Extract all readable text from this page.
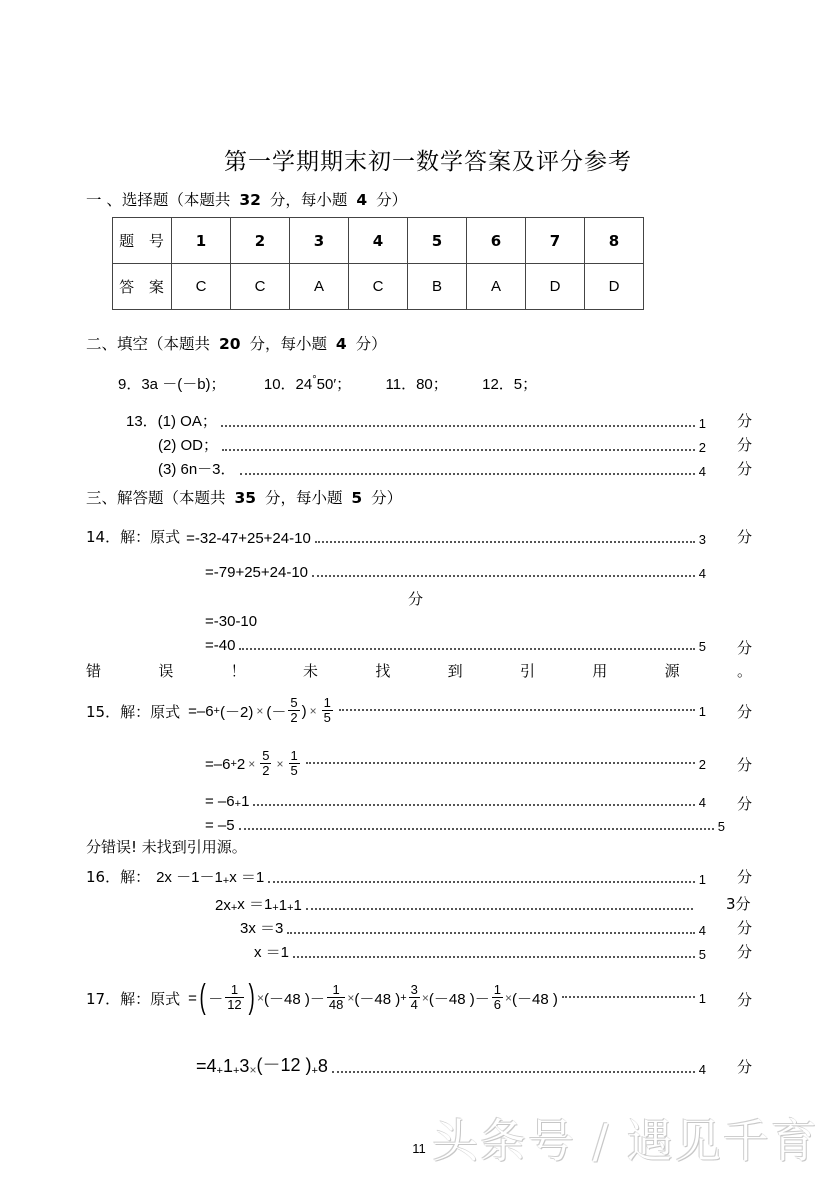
第一学期期末初一数学答案及评分参考
一 、选择题（本题共 32 分，每小题 4 分）
题 号	1	2	3	4	5	6	7	8
答 案	C	C	A	C	B	A	D	D
二、填空（本题共 20 分，每小题 4 分）
9．3a －(－b)；	10．24°50′； 11．80； 12．5；
13．(1) OA；	1 分
(2) OD；	2 分
(3) 6n－3．	4 分
三、解答题（本题共 35 分，每小题 5 分）
14．解：原式 =-32-47+25+24-10	3 分
=-79+25+24-10	4
分
=-30-10
=-40	5 分
错	误	！	未	找	到	引	用	源	。
15．解：原式 = –6 + (－2) × (－ $\frac{5}{2}$ ) × $\frac{1}{5}$	1 分
= $-6 + 2 \times \frac{5}{2} \times \frac{1}{5}$	2 分
= –6 + 1	4 分
= –5	5
分错误! 未找到引用源。
16．解： 2x －1－1 + x ＝1	1 分
2x + x ＝1 + 1 + 1	3分
3x ＝3	4 分
x ＝1	5 分
17．解：原式 = ( － $\frac{1}{12}$ ) × (－48 ) － $\frac{1}{48} \times (-48$ ) + $\frac{3}{4} \times (-48$ ) － $\frac{1}{6} \times (-48$ )	1 分
= 4 + 1 + 3 × (－12 ) + 8	4 分
11 头条号 / 遇见千育
